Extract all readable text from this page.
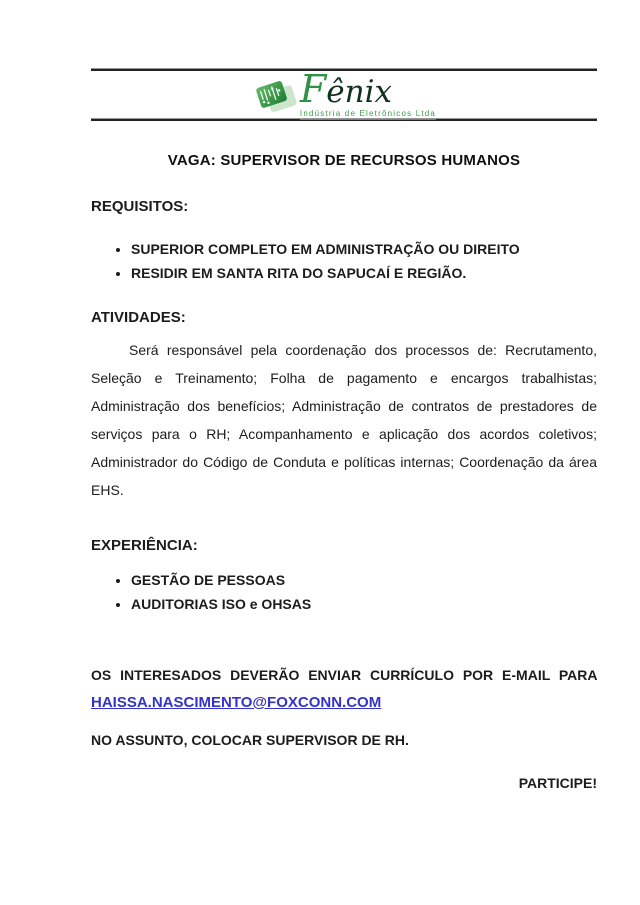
Fênix
Indústria de Eletrônicos Ltda
VAGA: SUPERVISOR DE RECURSOS HUMANOS
REQUISITOS:
• SUPERIOR COMPLETO EM ADMINISTRAÇÃO OU DIREITO
• RESIDIR EM SANTA RITA DO SAPUCAÍ E REGIÃO.
ATIVIDADES:

Será responsável pela coordenação dos processos de: Recrutamento, Seleção e Treinamento; Folha de pagamento e encargos trabalhistas; Administração dos benefícios; Administração de contratos de prestadores de serviços para o RH; Acompanhamento e aplicação dos acordos coletivos; Administrador do Código de Conduta e políticas internas; Coordenação da área EHS.

EXPERIÊNCIA:
• GESTÃO DE PESSOAS
• AUDITORIAS ISO e OHSAS

OS INTERESADOS DEVERÃO ENVIAR CURRÍCULO POR E-MAIL PARA HAISSA.NASCIMENTO@FOXCONN.COM

NO ASSUNTO, COLOCAR SUPERVISOR DE RH.

PARTICIPE!
